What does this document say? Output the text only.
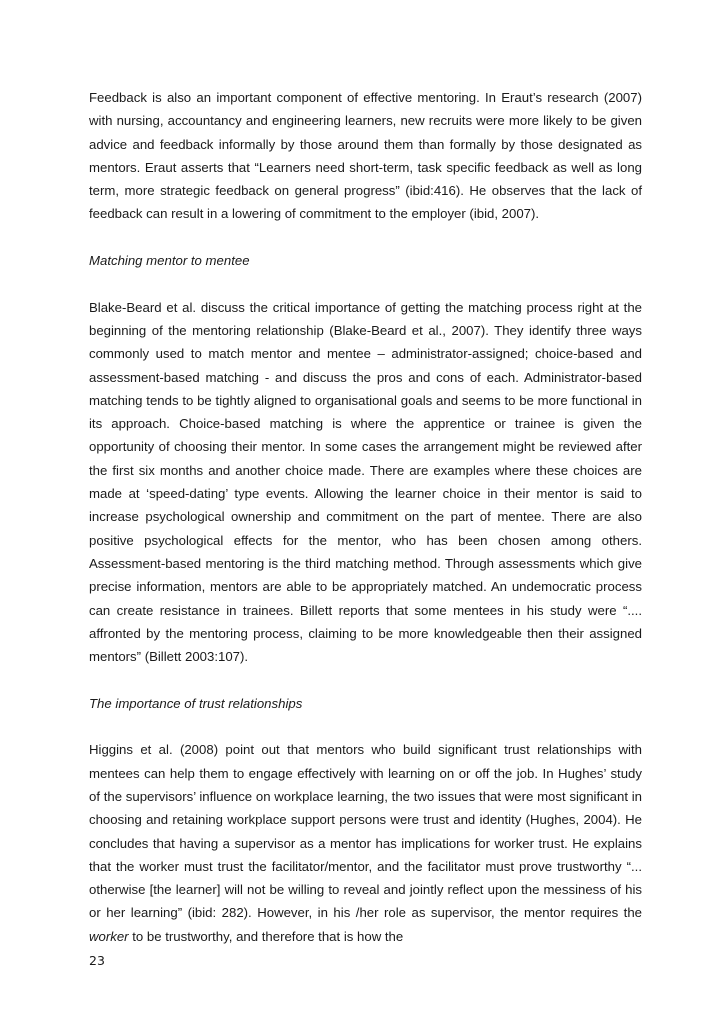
Feedback is also an important component of effective mentoring. In Eraut’s research (2007) with nursing, accountancy and engineering learners, new recruits were more likely to be given advice and feedback informally by those around them than formally by those designated as mentors. Eraut asserts that “Learners need short-term, task specific feedback as well as long term, more strategic feedback on general progress” (ibid:416). He observes that the lack of feedback can result in a lowering of commitment to the employer (ibid, 2007).

Matching mentor to mentee

Blake-Beard et al. discuss the critical importance of getting the matching process right at the beginning of the mentoring relationship (Blake-Beard et al., 2007). They identify three ways commonly used to match mentor and mentee – administrator-assigned; choice-based and assessment-based matching - and discuss the pros and cons of each. Administrator-based matching tends to be tightly aligned to organisational goals and seems to be more functional in its approach. Choice-based matching is where the apprentice or trainee is given the opportunity of choosing their mentor. In some cases the arrangement might be reviewed after the first six months and another choice made. There are examples where these choices are made at ‘speed-dating’ type events. Allowing the learner choice in their mentor is said to increase psychological ownership and commitment on the part of mentee. There are also positive psychological effects for the mentor, who has been chosen among others. Assessment-based mentoring is the third matching method. Through assessments which give precise information, mentors are able to be appropriately matched. An undemocratic process can create resistance in trainees. Billett reports that some mentees in his study were “.... affronted by the mentoring process, claiming to be more knowledgeable then their assigned mentors” (Billett 2003:107).

The importance of trust relationships

Higgins et al. (2008) point out that mentors who build significant trust relationships with mentees can help them to engage effectively with learning on or off the job. In Hughes’ study of the supervisors’ influence on workplace learning, the two issues that were most significant in choosing and retaining workplace support persons were trust and identity (Hughes, 2004). He concludes that having a supervisor as a mentor has implications for worker trust. He explains that the worker must trust the facilitator/mentor, and the facilitator must prove trustworthy “... otherwise [the learner] will not be willing to reveal and jointly reflect upon the messiness of his or her learning” (ibid: 282). However, in his /her role as supervisor, the mentor requires the worker to be trustworthy, and therefore that is how the

23
